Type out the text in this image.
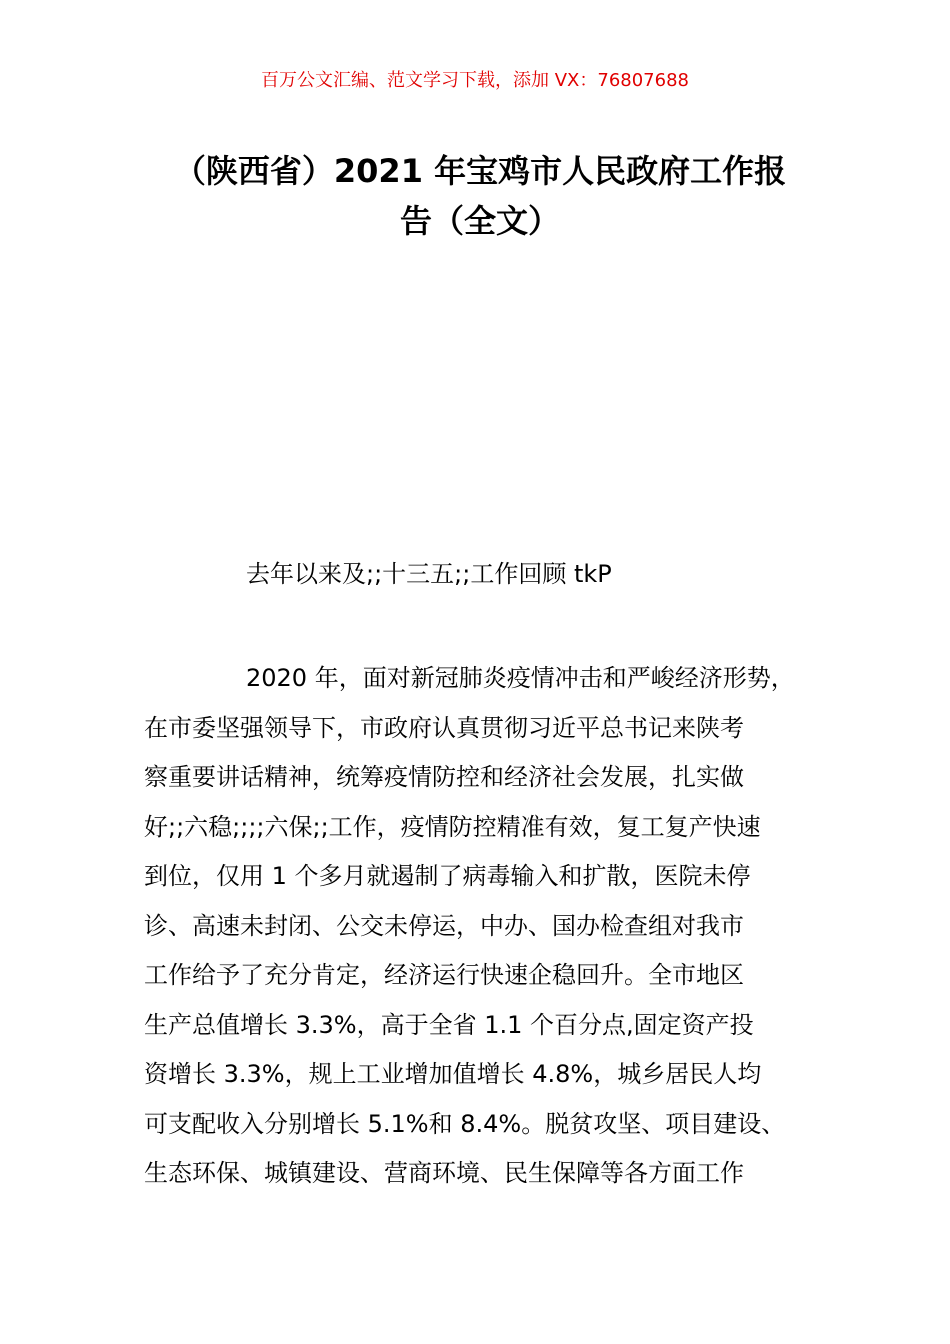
百万公文汇编、范文学习下载，添加 VX：76807688
（陕西省）2021 年宝鸡市人民政府工作报
告（全文）
去年以来及;;十三五;;工作回顾 tkP
2020 年，面对新冠肺炎疫情冲击和严峻经济形势，
在市委坚强领导下，市政府认真贯彻习近平总书记来陕考
察重要讲话精神，统筹疫情防控和经济社会发展，扎实做
好;;六稳;;;;六保;;工作，疫情防控精准有效，复工复产快速
到位，仅用 1 个多月就遏制了病毒输入和扩散，医院未停
诊、高速未封闭、公交未停运，中办、国办检查组对我市
工作给予了充分肯定，经济运行快速企稳回升。全市地区
生产总值增长 3.3%，高于全省 1.1 个百分点,固定资产投
资增长 3.3%，规上工业增加值增长 4.8%，城乡居民人均
可支配收入分别增长 5.1%和 8.4%。脱贫攻坚、项目建设、
生态环保、城镇建设、营商环境、民生保障等各方面工作
